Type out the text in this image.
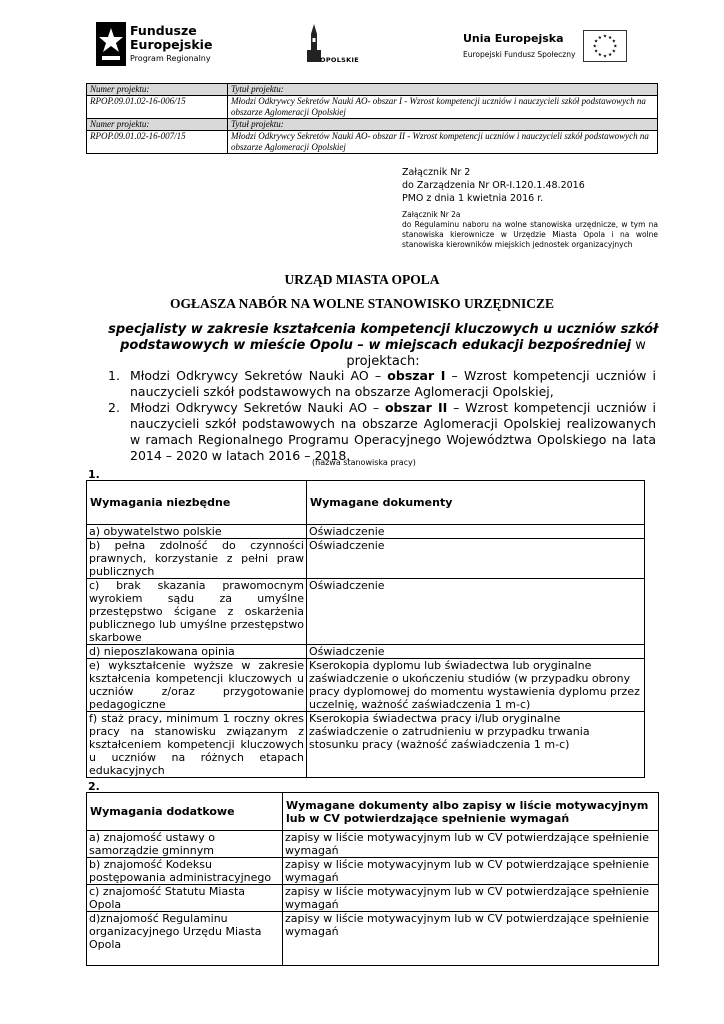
Fundusze
Europejskie
Program Regionalny	OPOLSKIE
Unia Europejska
Europejski Fundusz Społeczny
★ ★
★
★
★
★
★
★
★
★
★
★
Numer projektu:	Tytuł projektu:
RPOP.09.01.02-16-006/15	Młodzi Odkrywcy Sekretów Nauki AO- obszar I - Wzrost kompetencji uczniów i nauczycieli szkół podstawowych na obszarze Aglomeracji Opolskiej
Numer projektu:	Tytuł projektu:
RPOP.09.01.02-16-007/15	Młodzi Odkrywcy Sekretów Nauki AO- obszar II - Wzrost kompetencji uczniów i nauczycieli szkół podstawowych na obszarze Aglomeracji Opolskiej
Załącznik Nr 2
do Zarządzenia Nr OR-I.120.1.48.2016
PMO z dnia 1 kwietnia 2016 r.
Załącznik Nr 2a
do Regulaminu naboru na wolne stanowiska urzędnicze, w tym na stanowiska kierownicze w Urzędzie Miasta Opola i na wolne stanowiska kierowników miejskich jednostek organizacyjnych
URZĄD MIASTA OPOLA
OGŁASZA NABÓR NA WOLNE STANOWISKO URZĘDNICZE
specjalisty w zakresie kształcenia kompetencji kluczowych u uczniów szkół podstawowych w mieście Opolu – w miejscach edukacji bezpośredniej w projektach:
1. Młodzi Odkrywcy Sekretów Nauki AO – obszar I – Wzrost kompetencji uczniów i nauczycieli szkół podstawowych na obszarze Aglomeracji Opolskiej,
2. Młodzi Odkrywcy Sekretów Nauki AO – obszar II – Wzrost kompetencji uczniów i nauczycieli szkół podstawowych na obszarze Aglomeracji Opolskiej realizowanych w ramach Regionalnego Programu Operacyjnego Województwa Opolskiego na lata 2014 – 2020 w latach 2016 – 2018.
(nazwa stanowiska pracy)
1.
Wymagania niezbędne	Wymagane dokumenty
a) obywatelstwo polskie	Oświadczenie
b) pełna zdolność do czynności prawnych, korzystanie z pełni praw publicznych	Oświadczenie
c) brak skazania prawomocnym wyrokiem sądu za umyślne przestępstwo ścigane z oskarżenia publicznego lub umyślne przestępstwo skarbowe	Oświadczenie
d) nieposzlakowana opinia	Oświadczenie
e) wykształcenie wyższe w zakresie kształcenia kompetencji kluczowych u uczniów z/oraz przygotowanie pedagogiczne	Kserokopia dyplomu lub świadectwa lub oryginalne zaświadczenie o ukończeniu studiów (w przypadku obrony pracy dyplomowej do momentu wystawienia dyplomu przez uczelnię, ważność zaświadczenia 1 m-c)
f) staż pracy, minimum 1 roczny okres pracy na stanowisku związanym z kształceniem kompetencji kluczowych u uczniów na różnych etapach edukacyjnych	Kserokopia świadectwa pracy i/lub oryginalne zaświadczenie o zatrudnieniu w przypadku trwania stosunku pracy (ważność zaświadczenia 1 m-c)
2.
Wymagania dodatkowe	Wymagane dokumenty albo zapisy w liście motywacyjnym lub w CV potwierdzające spełnienie wymagań
a) znajomość ustawy o samorządzie gminnym	zapisy w liście motywacyjnym lub w CV potwierdzające spełnienie wymagań
b) znajomość Kodeksu postępowania administracyjnego	zapisy w liście motywacyjnym lub w CV potwierdzające spełnienie wymagań
c) znajomość Statutu Miasta Opola	zapisy w liście motywacyjnym lub w CV potwierdzające spełnienie wymagań
d)znajomość Regulaminu organizacyjnego Urzędu Miasta Opola	zapisy w liście motywacyjnym lub w CV potwierdzające spełnienie wymagań
